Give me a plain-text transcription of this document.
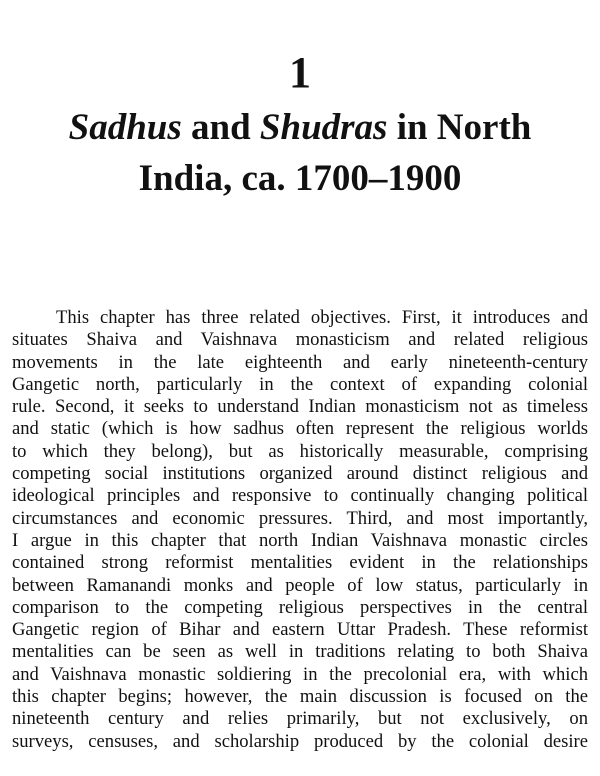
1
Sadhus and Shudras in North
India, ca. 1700–1900
This chapter has three related objectives. First, it introduces and
situates Shaiva and Vaishnava monasticism and related religious
movements in the late eighteenth and early nineteenth-century
Gangetic north, particularly in the context of expanding colonial
rule. Second, it seeks to understand Indian monasticism not as timeless
and static (which is how sadhus often represent the religious worlds
to which they belong), but as historically measurable, comprising
competing social institutions organized around distinct religious and
ideological principles and responsive to continually changing political
circumstances and economic pressures. Third, and most importantly,
I argue in this chapter that north Indian Vaishnava monastic circles
contained strong reformist mentalities evident in the relationships
between Ramanandi monks and people of low status, particularly in
comparison to the competing religious perspectives in the central
Gangetic region of Bihar and eastern Uttar Pradesh. These reformist
mentalities can be seen as well in traditions relating to both Shaiva
and Vaishnava monastic soldiering in the precolonial era, with which
this chapter begins; however, the main discussion is focused on the
nineteenth century and relies primarily, but not exclusively, on
surveys, censuses, and scholarship produced by the colonial desire
